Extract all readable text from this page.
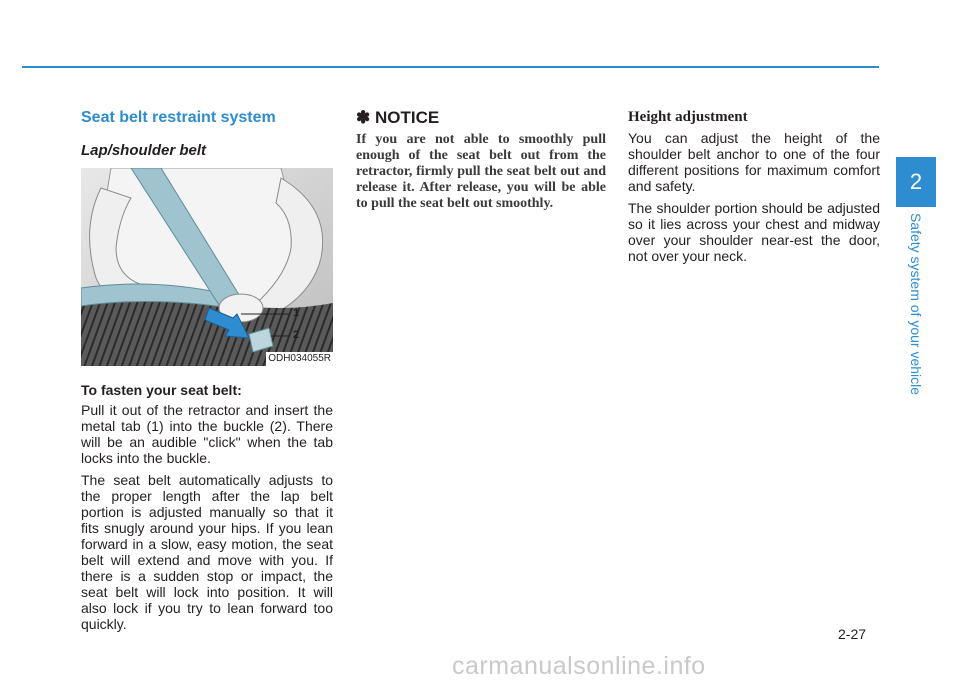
Seat belt restraint system
Lap/shoulder belt
1
2
ODH034055R

To fasten your seat belt:

Pull it out of the retractor and insert the metal tab (1) into the buckle (2). There will be an audible "click" when the tab locks into the buckle.

The seat belt automatically adjusts to the proper length after the lap belt portion is adjusted manually so that it fits snugly around your hips. If you lean forward in a slow, easy motion, the seat belt will extend and move with you. If there is a sudden stop or impact, the seat belt will lock into position. It will also lock if you try to lean forward too quickly.

✽ NOTICE

If you are not able to smoothly pull enough of the seat belt out from the retractor, firmly pull the seat belt out and release it. After release, you will be able to pull the seat belt out smoothly.

Height adjustment

You can adjust the height of the shoulder belt anchor to one of the four different positions for maximum comfort and safety.

The shoulder portion should be adjusted so it lies across your chest and midway over your shoulder near-est the door, not over your neck.

2
Safety system of your vehicle
2-27
carmanualsonline.info
